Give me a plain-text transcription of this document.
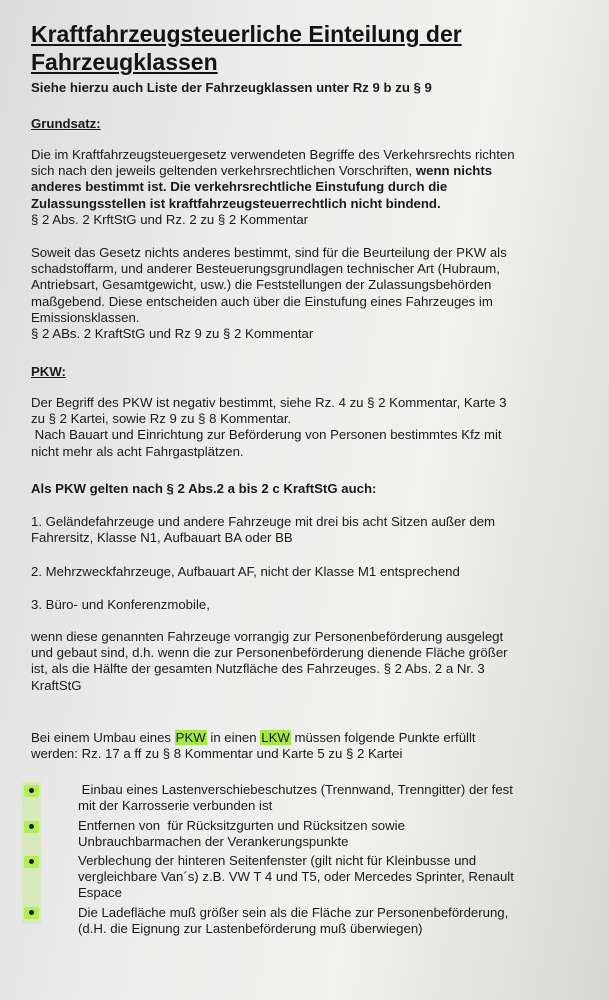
Kraftfahrzeugsteuerliche Einteilung der
Fahrzeugklassen

Siehe hierzu auch Liste der Fahrzeugklassen unter Rz 9 b zu § 9

Grundsatz:

Die im Kraftfahrzeugsteuergesetz verwendeten Begriffe des Verkehrsrechts richten
sich nach den jeweils geltenden verkehrsrechtlichen Vorschriften, wenn nichts
anderes bestimmt ist. Die verkehrsrechtliche Einstufung durch die
Zulassungsstellen ist kraftfahrzeugsteuerrechtlich nicht bindend.
§ 2 Abs. 2 KrftStG und Rz. 2 zu § 2 Kommentar
Soweit das Gesetz nichts anderes bestimmt, sind für die Beurteilung der PKW als
schadstoffarm, und anderer Besteuerungsgrundlagen technischer Art (Hubraum,
Antriebsart, Gesamtgewicht, usw.) die Feststellungen der Zulassungsbehörden
maßgebend. Diese entscheiden auch über die Einstufung eines Fahrzeuges im
Emissionsklassen.
§ 2 ABs. 2 KraftStG und Rz 9 zu § 2 Kommentar

PKW:

Der Begriff des PKW ist negativ bestimmt, siehe Rz. 4 zu § 2 Kommentar, Karte 3
zu § 2 Kartei, sowie Rz 9 zu § 8 Kommentar.
Nach Bauart und Einrichtung zur Beförderung von Personen bestimmtes Kfz mit
nicht mehr als acht Fahrgastplätzen.

Als PKW gelten nach § 2 Abs.2 a bis 2 c KraftStG auch:

1. Geländefahrzeuge und andere Fahrzeuge mit drei bis acht Sitzen außer dem
Fahrersitz, Klasse N1, Aufbauart BA oder BB

2. Mehrzweckfahrzeuge, Aufbauart AF, nicht der Klasse M1 entsprechend

3. Büro- und Konferenzmobile,

wenn diese genannten Fahrzeuge vorrangig zur Personenbeförderung ausgelegt
und gebaut sind, d.h. wenn die zur Personenbeförderung dienende Fläche größer
ist, als die Hälfte der gesamten Nutzfläche des Fahrzeuges. § 2 Abs. 2 a Nr. 3
KraftStG
Bei einem Umbau eines PKW in einen LKW müssen folgende Punkte erfüllt
werden: Rz. 17 a ff zu § 8 Kommentar und Karte 5 zu § 2 Kartei
Einbau eines Lastenverschiebeschutzes (Trennwand, Trenngitter) der fest
mit der Karrosserie verbunden ist
Entfernen von  für Rücksitzgurten und Rücksitzen sowie
Unbrauchbarmachen der Verankerungspunkte
Verblechung der hinteren Seitenfenster (gilt nicht für Kleinbusse und
vergleichbare Van´s) z.B. VW T 4 und T5, oder Mercedes Sprinter, Renault
Espace
Die Ladefläche muß größer sein als die Fläche zur Personenbeförderung,
(d.H. die Eignung zur Lastenbeförderung muß überwiegen)
